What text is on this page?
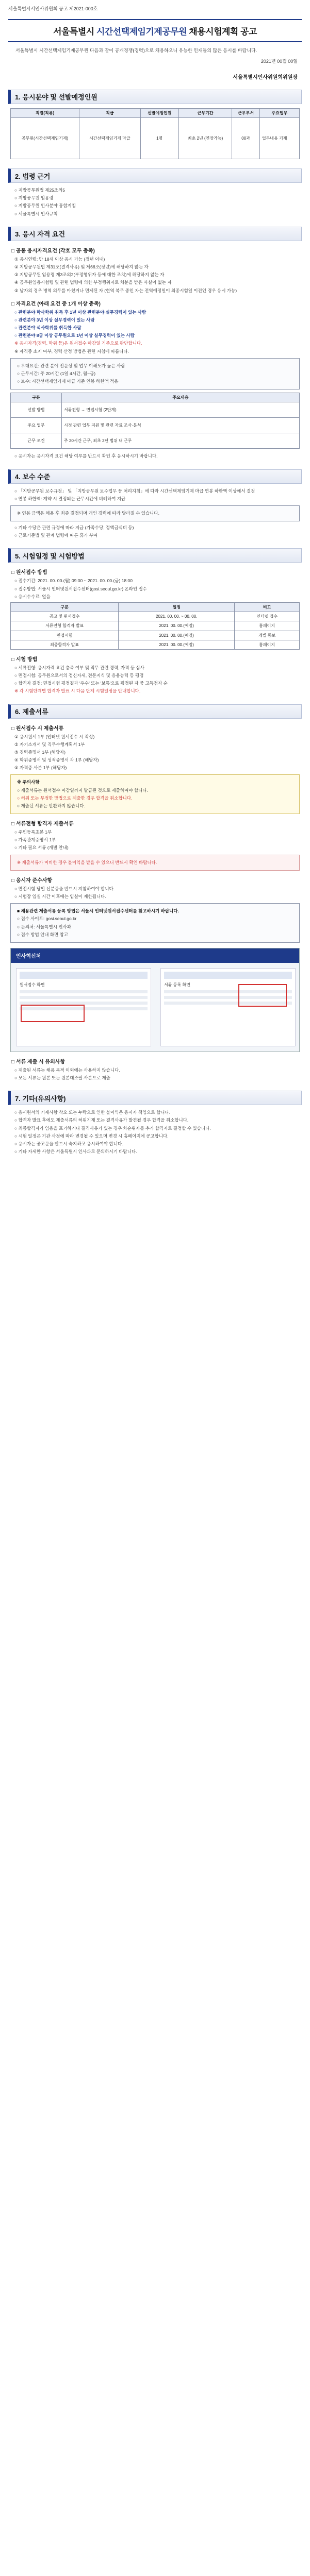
서울특별시서인사위원회 공고 제2021-000호
서울특별시 시간선택제임기제공무원 채용시험계획 공고
서울특별시 시간선택제임기제공무원 다음과 같이 공개경쟁(경력)으로 채용하오니 유능한 인재들의 많은 응시를 바랍니다.
2021년 00월 00일
서울특별시인사위원회위원장
1. 응시분야 및 선발예정인원
직렬(직류)	직급	선발예정인원	근무기간	근무부서	주요업무
공무원(시간선택제임기제)	시간선택제임기제 마급	1명	최초 2년 (연장가능)	00과	업무내용 기재
2. 법령 근거
○ 지방공무원법 제25조의5
○ 지방공무원 임용령
○ 지방공무원 인사분야 통합지침
○ 서울특별시 인사규칙
3. 응시 자격 요건
□ 공통 응시자격요건 (각호 모두 충족)
① 응시연령: 만 18세 이상 응시 가능 (정년 이내)
② 지방공무원법 제31조(결격사유) 및 제66조(정년)에 해당하지 않는 자
③ 지방공무원 임용령 제3조의2(부정행위자 등에 대한 조치)에 해당하지 않는 자
④ 공무원임용시험령 및 관련 법령에 의한 부정행위자로 처분을 받은 사실이 없는 자
⑤ 남자의 경우 병역 의무를 마쳤거나 면제된 자 (현역 복무 중인 자는 전역예정일이 최종시험일 이전인 경우 응시 가능)
□ 자격요건 (아래 요건 중 1개 이상 충족)
○ 관련분야 학사학위 취득 후 1년 이상 관련분야 실무경력이 있는 사람
○ 관련분야 3년 이상 실무경력이 있는 사람
○ 관련분야 석사학위를 취득한 사람
○ 관련분야 8급 이상 공무원으로 1년 이상 실무경력이 있는 사람
※ 응시자격(경력, 학위 등)은 원서접수 마감일 기준으로 판단합니다.
※ 자격증 소지 여부, 경력 산정 방법은 관련 지침에 따릅니다.
○ 우대요건: 관련 분야 전문성 및 업무 이해도가 높은 사람
○ 근무시간: 주 20시간 (1일 4시간, 월~금)
○ 보수: 시간선택제임기제 마급 기준 연봉 하한액 적용
구분	주요내용
선발 방법	서류전형 → 면접시험 (2단계)
주요 업무	시정 관련 업무 지원 및 관련 자료 조사·분석
근무 조건	주 20시간 근무, 최초 2년 범위 내 근무
○ 응시자는 응시자격 요건 해당 여부를 반드시 확인 후 응시하시기 바랍니다.
4. 보수 수준
○ 「지방공무원 보수규정」 및 「지방공무원 보수업무 등 처리지침」에 따라 시간선택제임기제 마급 연봉 하한액 이상에서 결정
○ 연봉 하한액: 계약 시 결정되는 근무시간에 비례하여 지급
※ 연봉 금액은 채용 후 최종 결정되며 개인 경력에 따라 달라질 수 있습니다.
○ 기타 수당은 관련 규정에 따라 지급 (가족수당, 정액급식비 등)
○ 근로기준법 및 관계 법령에 따른 휴가 부여
5. 시험일정 및 시험방법
□ 원서접수 방법
○ 접수기간: 2021. 00. 00.(월) 09:00 ~ 2021. 00. 00.(금) 18:00
○ 접수방법: 서울시 인터넷원서접수센터(gosi.seoul.go.kr) 온라인 접수
○ 응시수수료: 없음
구분	일정	비고
공고 및 원서접수	2021. 00. 00. ~ 00. 00.	인터넷 접수
서류전형 합격자 발표	2021. 00. 00.(예정)	홈페이지
면접시험	2021. 00. 00.(예정)	개별 통보
최종합격자 발표	2021. 00. 00.(예정)	홈페이지
□ 시험 방법
○ 서류전형: 응시자격 요건 충족 여부 및 직무 관련 경력, 자격 등 심사
○ 면접시험: 공무원으로서의 정신자세, 전문지식 및 응용능력 등 평정
○ 합격자 결정: 면접시험 평정결과 '우수' 또는 '보통'으로 평정된 자 중 고득점자 순
※ 각 시험단계별 합격자 발표 시 다음 단계 시험일정을 안내합니다.
6. 제출서류
□ 원서접수 시 제출서류
① 응시원서 1부 (인터넷 원서접수 시 작성)
② 자기소개서 및 직무수행계획서 1부
③ 경력증명서 1부 (해당자)
④ 학위증명서 및 성적증명서 각 1부 (해당자)
⑤ 자격증 사본 1부 (해당자)
※ 주의사항
○ 제출서류는 원서접수 마감일까지 발급된 것으로 제출하여야 합니다.
○ 허위 또는 부정한 방법으로 제출한 경우 합격을 취소합니다.
○ 제출된 서류는 반환하지 않습니다.
□ 서류전형 합격자 제출서류
○ 주민등록초본 1부
○ 가족관계증명서 1부
○ 기타 필요 서류 (개별 안내)
※ 제출서류가 미비한 경우 불이익을 받을 수 있으니 반드시 확인 바랍니다.
□ 응시자 준수사항
○ 면접시험 당일 신분증을 반드시 지참하여야 합니다.
○ 시험장 입실 시간 이후에는 입실이 제한됩니다.
■ 채용관련 제출서류 등록 방법은 서울시 인터넷원서접수센터를 참고하시기 바랍니다.
○ 접수 사이트: gosi.seoul.go.kr
○ 문의처: 서울특별시 인사과
○ 접수 방법 안내 화면 참고
인사혁신처
원서접수 화면	서류 등록 화면
□ 서류 제출 시 유의사항
○ 제출된 서류는 채용 목적 이외에는 사용하지 않습니다.
○ 모든 서류는 원본 또는 원본대조필 사본으로 제출
7. 기타(유의사항)
○ 응시원서의 기재사항 착오 또는 누락으로 인한 불이익은 응시자 책임으로 합니다.
○ 합격자 발표 후에도 제출서류의 허위기재 또는 결격사유가 발견될 경우 합격을 취소합니다.
○ 최종합격자가 임용을 포기하거나 결격사유가 있는 경우 차순위자를 추가 합격자로 결정할 수 있습니다.
○ 시험 일정은 기관 사정에 따라 변경될 수 있으며 변경 시 홈페이지에 공고합니다.
○ 응시자는 공고문을 반드시 숙지하고 응시하여야 합니다.
○ 기타 자세한 사항은 서울특별시 인사과로 문의하시기 바랍니다.
